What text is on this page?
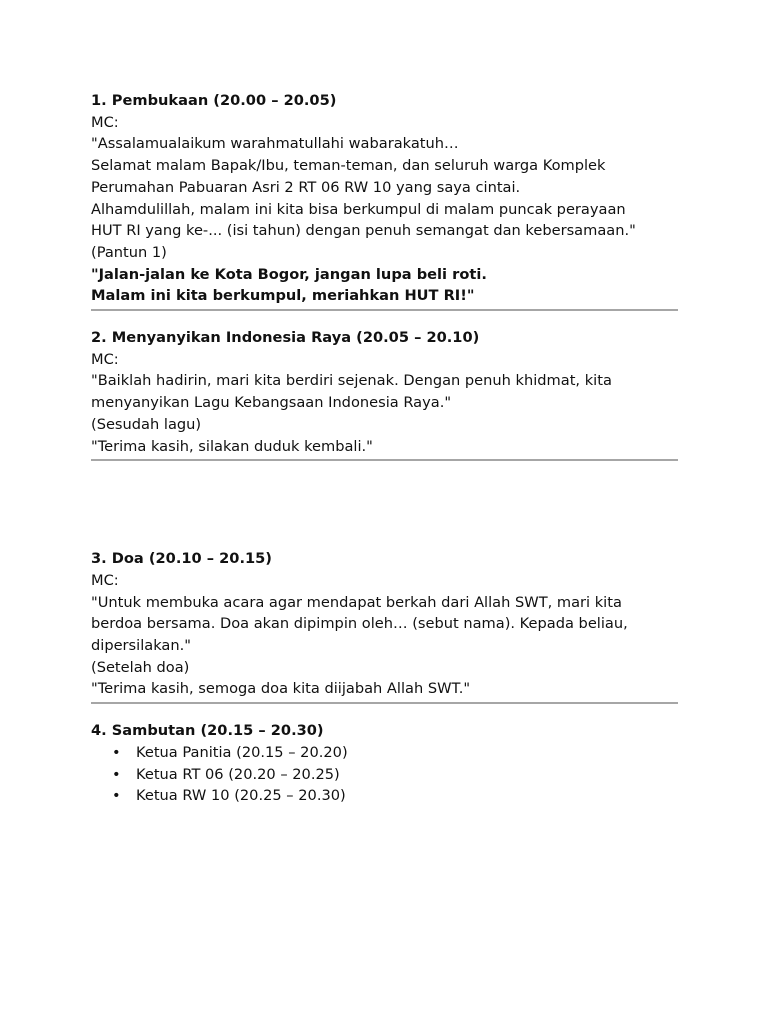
1. Pembukaan (20.00 – 20.05)
MC:
"Assalamualaikum warahmatullahi wabarakatuh…
Selamat malam Bapak/Ibu, teman-teman, dan seluruh warga Komplek
Perumahan Pabuaran Asri 2 RT 06 RW 10 yang saya cintai.
Alhamdulillah, malam ini kita bisa berkumpul di malam puncak perayaan
HUT RI yang ke-... (isi tahun) dengan penuh semangat dan kebersamaan."
(Pantun 1)
"Jalan-jalan ke Kota Bogor, jangan lupa beli roti.
Malam ini kita berkumpul, meriahkan HUT RI!"
2. Menyanyikan Indonesia Raya (20.05 – 20.10)
MC:
"Baiklah hadirin, mari kita berdiri sejenak. Dengan penuh khidmat, kita
menyanyikan Lagu Kebangsaan Indonesia Raya."
(Sesudah lagu)
"Terima kasih, silakan duduk kembali."
3. Doa (20.10 – 20.15)
MC:
"Untuk membuka acara agar mendapat berkah dari Allah SWT, mari kita
berdoa bersama. Doa akan dipimpin oleh… (sebut nama). Kepada beliau,
dipersilakan."
(Setelah doa)
"Terima kasih, semoga doa kita diijabah Allah SWT."
4. Sambutan (20.15 – 20.30)
• Ketua Panitia (20.15 – 20.20)
• Ketua RT 06 (20.20 – 20.25)
• Ketua RW 10 (20.25 – 20.30)
